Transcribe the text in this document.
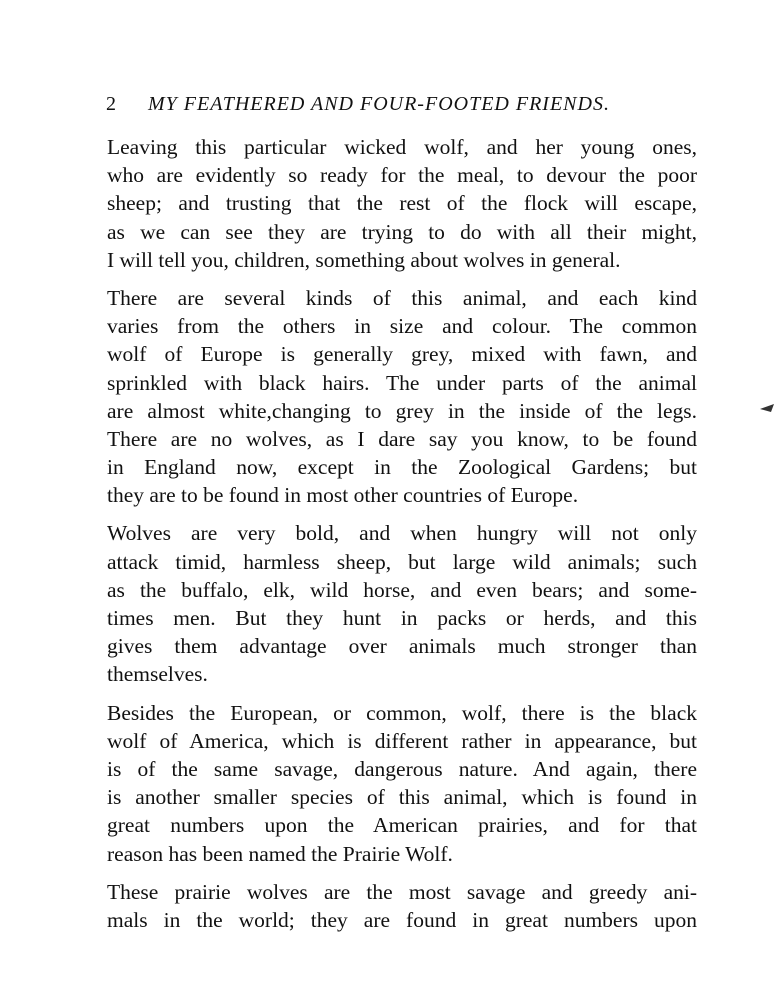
2 MY FEATHERED AND FOUR-FOOTED FRIENDS.

Leaving this particular wicked wolf, and her young ones,
who are evidently so ready for the meal, to devour the poor
sheep; and trusting that the rest of the flock will escape,
as we can see they are trying to do with all their might,
I will tell you, children, something about wolves in general.

There are several kinds of this animal, and each kind
varies from the others in size and colour. The common
wolf of Europe is generally grey, mixed with fawn, and
sprinkled with black hairs. The under parts of the animal
are almost white,changing to grey in the inside of the legs.
There are no wolves, as I dare say you know, to be found
in England now, except in the Zoological Gardens; but
they are to be found in most other countries of Europe.

Wolves are very bold, and when hungry will not only
attack timid, harmless sheep, but large wild animals; such
as the buffalo, elk, wild horse, and even bears; and some-
times men. But they hunt in packs or herds, and this
gives them advantage over animals much stronger than
themselves.

Besides the European, or common, wolf, there is the black
wolf of America, which is different rather in appearance, but
is of the same savage, dangerous nature. And again, there
is another smaller species of this animal, which is found in
great numbers upon the American prairies, and for that
reason has been named the Prairie Wolf.

These prairie wolves are the most savage and greedy ani-
mals in the world; they are found in great numbers upon
